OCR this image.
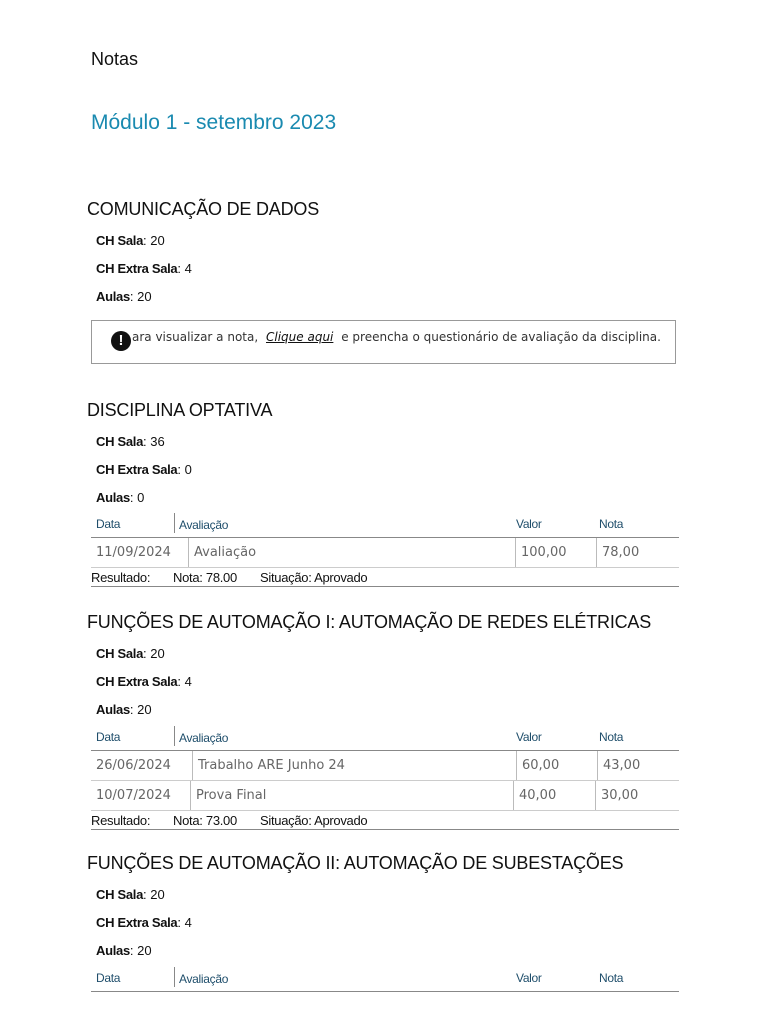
Notas
Módulo 1 - setembro 2023
COMUNICAÇÃO DE DADOS
CH Sala: 20
CH Extra Sala: 4
Aulas: 20
! ara visualizar a nota, Clique aqui e preencha o questionário de avaliação da disciplina.
DISCIPLINA OPTATIVA
CH Sala: 36
CH Extra Sala: 0
Aulas: 0
Data	Avaliação	Valor	Nota
11/09/2024	Avaliação	100,00	78,00
Resultado: Nota: 78.00 Situação: Aprovado
FUNÇÕES DE AUTOMAÇÃO I: AUTOMAÇÃO DE REDES ELÉTRICAS
CH Sala: 20
CH Extra Sala: 4
Aulas: 20
Data	Avaliação	Valor	Nota
26/06/2024	Trabalho ARE Junho 24	60,00	43,00
10/07/2024	Prova Final	40,00	30,00
Resultado: Nota: 73.00 Situação: Aprovado
FUNÇÕES DE AUTOMAÇÃO II: AUTOMAÇÃO DE SUBESTAÇÕES
CH Sala: 20
CH Extra Sala: 4
Aulas: 20
Data	Avaliação	Valor	Nota
